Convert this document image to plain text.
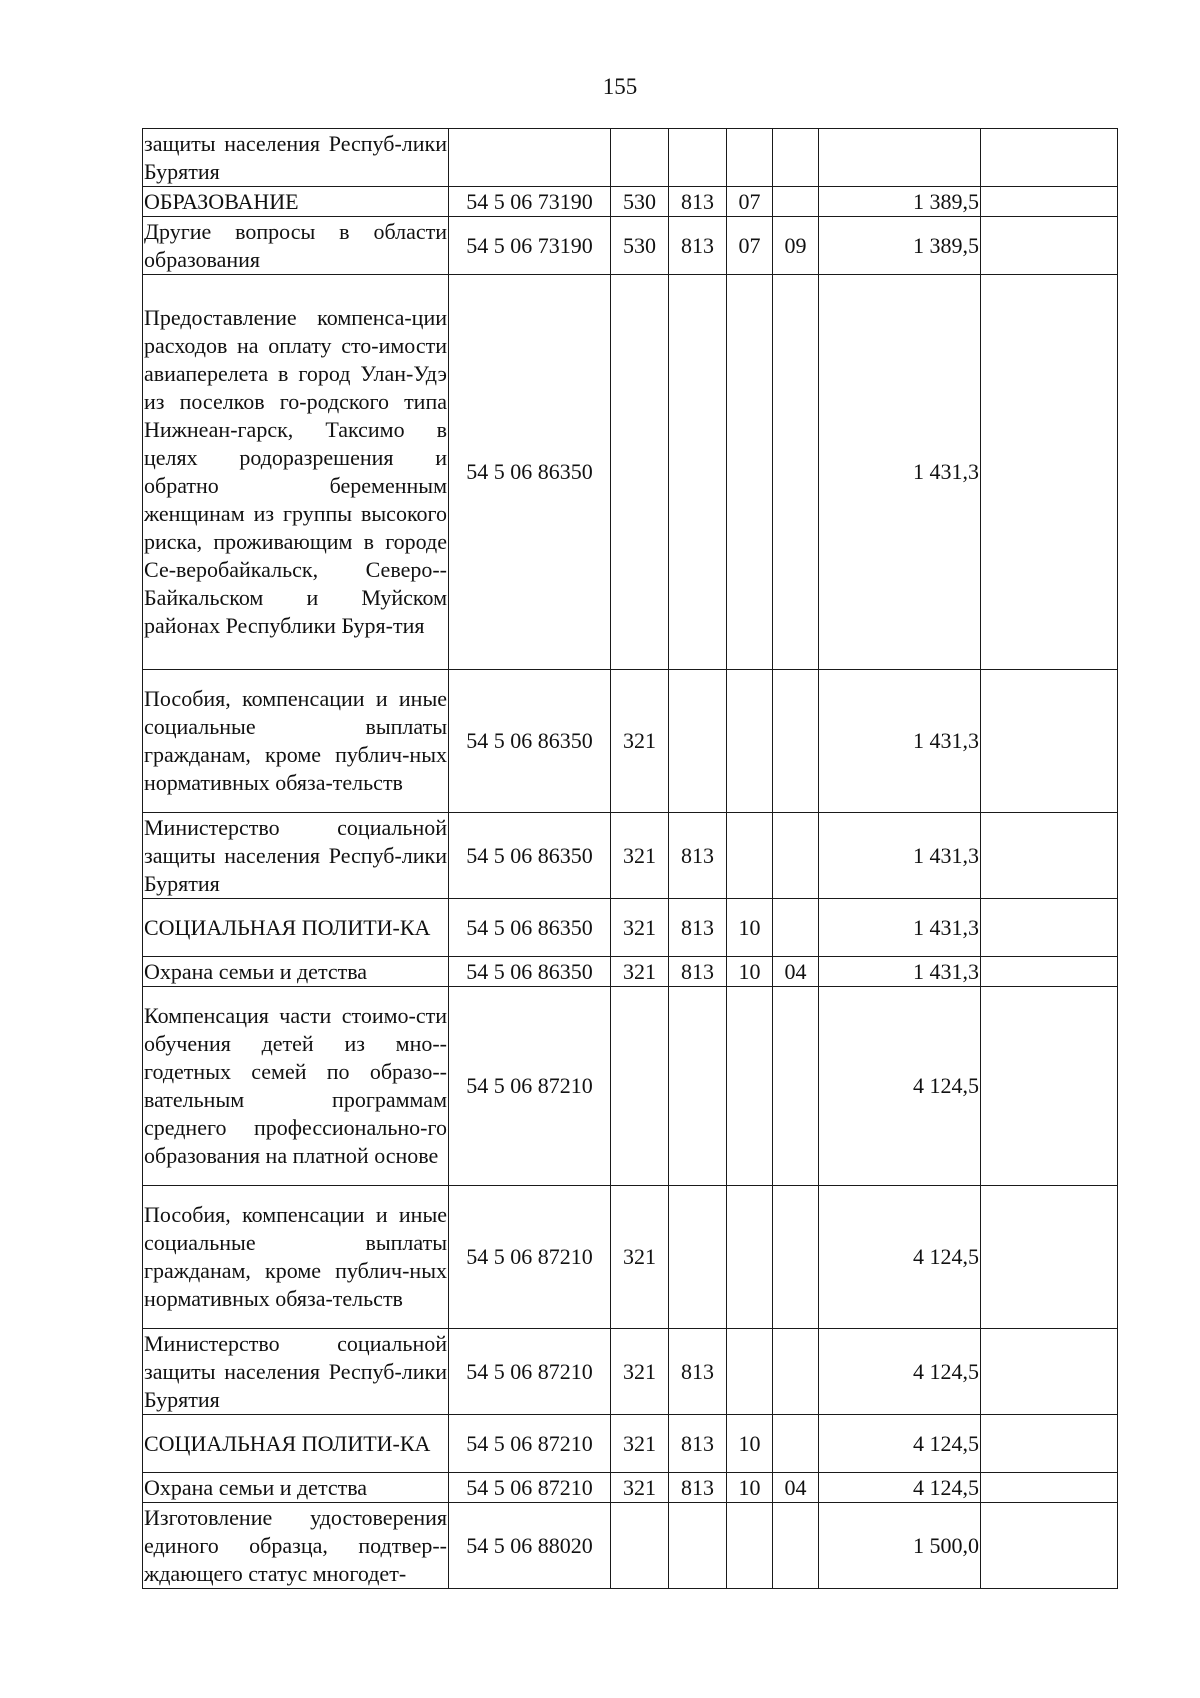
155
защиты населения Респуб-лики Бурятия							
ОБРАЗОВАНИЕ	54 5 06 73190	530	813	07		1 389,5	
Другие вопросы в области образования	54 5 06 73190	530	813	07	09	1 389,5	
Предоставление компенса-ции расходов на оплату сто-имости авиаперелета в город Улан-Удэ из поселков го-родского типа Нижнеан-гарск, Таксимо в целях родоразрешения и обратно беременным женщинам из группы высокого риска, проживающим в городе Се-веробайкальск, Северо-Байкальском и Муйском районах Республики Буря-тия	54 5 06 86350					1 431,3	
Пособия, компенсации и иные социальные выплаты гражданам, кроме публич-ных нормативных обяза-тельств	54 5 06 86350	321				1 431,3	
Министерство социальной защиты населения Респуб-лики Бурятия	54 5 06 86350	321	813			1 431,3	
СОЦИАЛЬНАЯ ПОЛИТИ-КА	54 5 06 86350	321	813	10		1 431,3	
Охрана семьи и детства	54 5 06 86350	321	813	10	04	1 431,3	
Компенсация части стоимо-сти обучения детей из мно-годетных семей по образо-вательным программам среднего профессионально-го образования на платной основе	54 5 06 87210					4 124,5	
Пособия, компенсации и иные социальные выплаты гражданам, кроме публич-ных нормативных обяза-тельств	54 5 06 87210	321				4 124,5	
Министерство социальной защиты населения Респуб-лики Бурятия	54 5 06 87210	321	813			4 124,5	
СОЦИАЛЬНАЯ ПОЛИТИ-КА	54 5 06 87210	321	813	10		4 124,5	
Охрана семьи и детства	54 5 06 87210	321	813	10	04	4 124,5	
Изготовление удостоверения единого образца, подтвер-ждающего статус многодет-	54 5 06 88020					1 500,0	
